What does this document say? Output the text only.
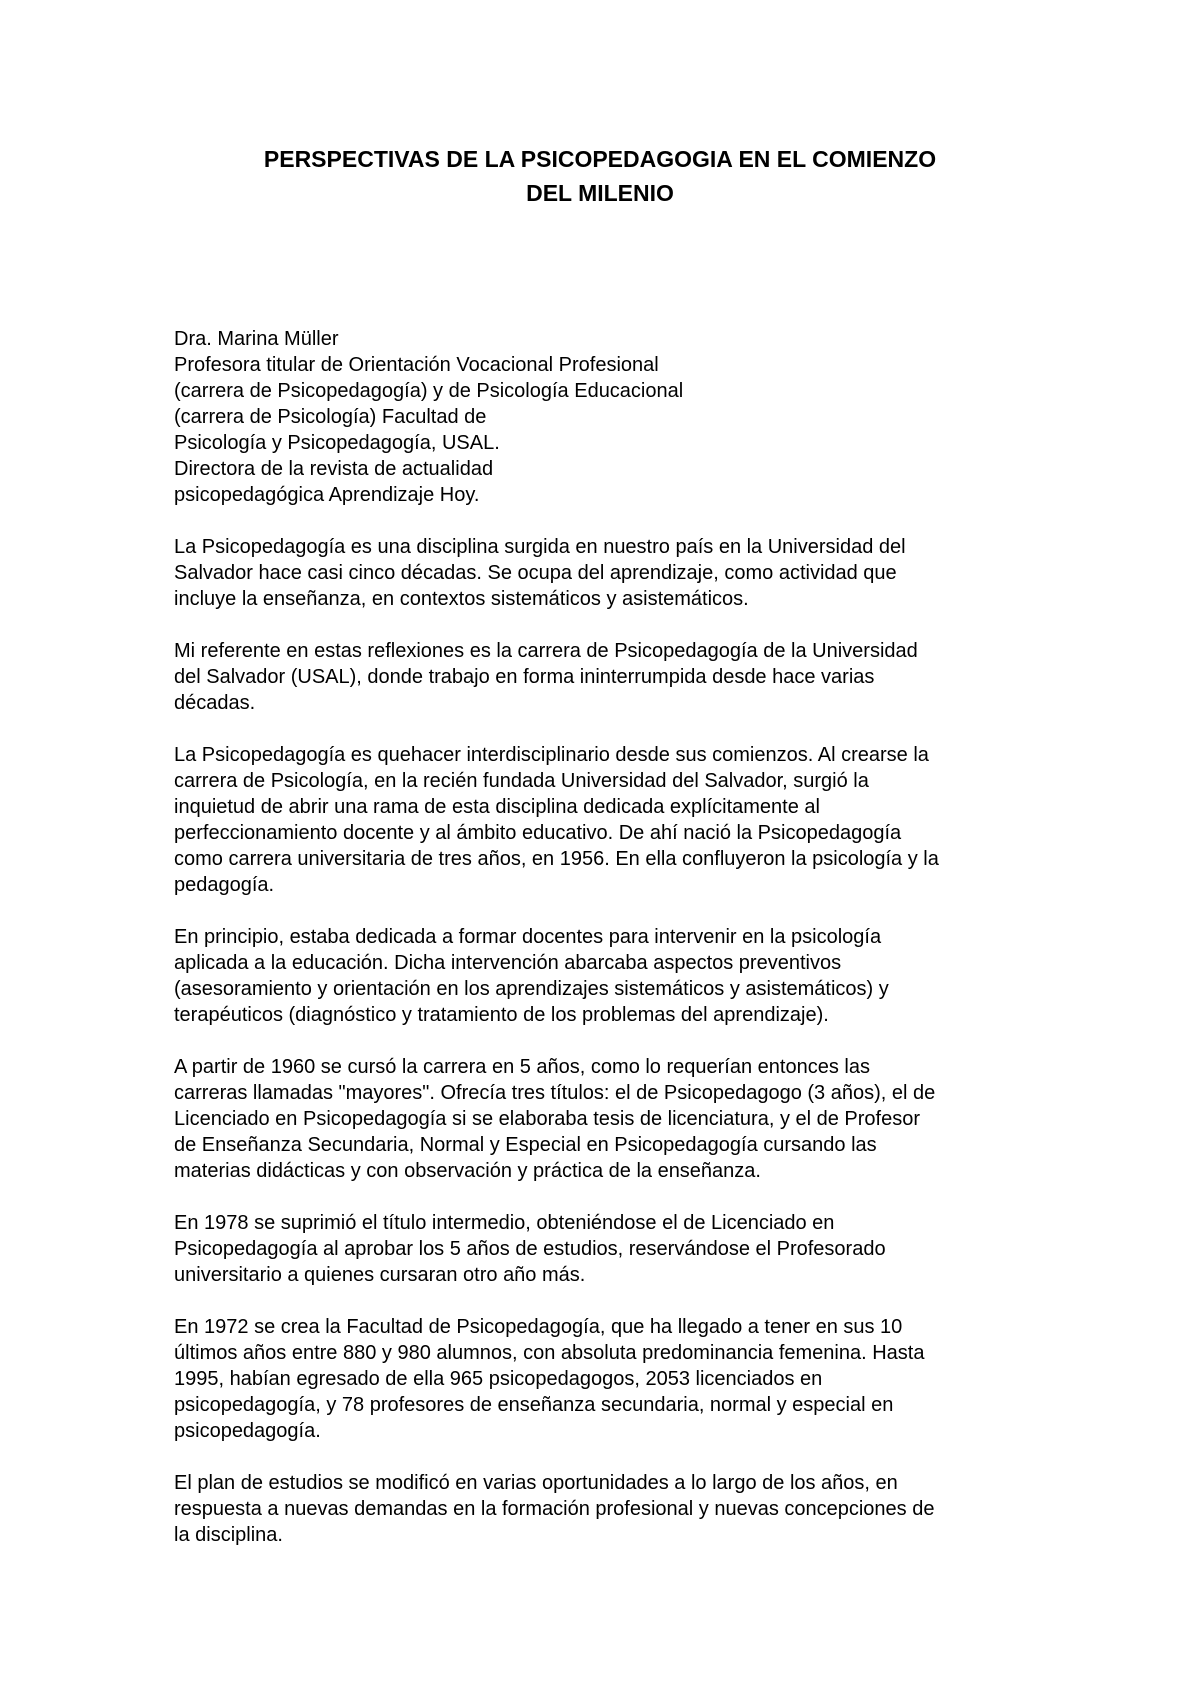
PERSPECTIVAS DE LA PSICOPEDAGOGIA EN EL COMIENZO
DEL MILENIO
Dra. Marina Müller
Profesora titular de Orientación Vocacional Profesional
(carrera de Psicopedagogía) y de Psicología Educacional
(carrera de Psicología) Facultad de
Psicología y Psicopedagogía, USAL.
Directora de la revista de actualidad
psicopedagógica Aprendizaje Hoy.

La Psicopedagogía es una disciplina surgida en nuestro país en la Universidad del
Salvador hace casi cinco décadas. Se ocupa del aprendizaje, como actividad que
incluye la enseñanza, en contextos sistemáticos y asistemáticos.

Mi referente en estas reflexiones es la carrera de Psicopedagogía de la Universidad
del Salvador (USAL), donde trabajo en forma ininterrumpida desde hace varias
décadas.

La Psicopedagogía es quehacer interdisciplinario desde sus comienzos. Al crearse la
carrera de Psicología, en la recién fundada Universidad del Salvador, surgió la
inquietud de abrir una rama de esta disciplina dedicada explícitamente al
perfeccionamiento docente y al ámbito educativo. De ahí nació la Psicopedagogía
como carrera universitaria de tres años, en 1956. En ella confluyeron la psicología y la
pedagogía.

En principio, estaba dedicada a formar docentes para intervenir en la psicología
aplicada a la educación. Dicha intervención abarcaba aspectos preventivos
(asesoramiento y orientación en los aprendizajes sistemáticos y asistemáticos) y
terapéuticos (diagnóstico y tratamiento de los problemas del aprendizaje).

A partir de 1960 se cursó la carrera en 5 años, como lo requerían entonces las
carreras llamadas "mayores". Ofrecía tres títulos: el de Psicopedagogo (3 años), el de
Licenciado en Psicopedagogía si se elaboraba tesis de licenciatura, y el de Profesor
de Enseñanza Secundaria, Normal y Especial en Psicopedagogía cursando las
materias didácticas y con observación y práctica de la enseñanza.

En 1978 se suprimió el título intermedio, obteniéndose el de Licenciado en
Psicopedagogía al aprobar los 5 años de estudios, reservándose el Profesorado
universitario a quienes cursaran otro año más.

En 1972 se crea la Facultad de Psicopedagogía, que ha llegado a tener en sus 10
últimos años entre 880 y 980 alumnos, con absoluta predominancia femenina. Hasta
1995, habían egresado de ella 965 psicopedagogos, 2053 licenciados en
psicopedagogía, y 78 profesores de enseñanza secundaria, normal y especial en
psicopedagogía.

El plan de estudios se modificó en varias oportunidades a lo largo de los años, en
respuesta a nuevas demandas en la formación profesional y nuevas concepciones de
la disciplina.
